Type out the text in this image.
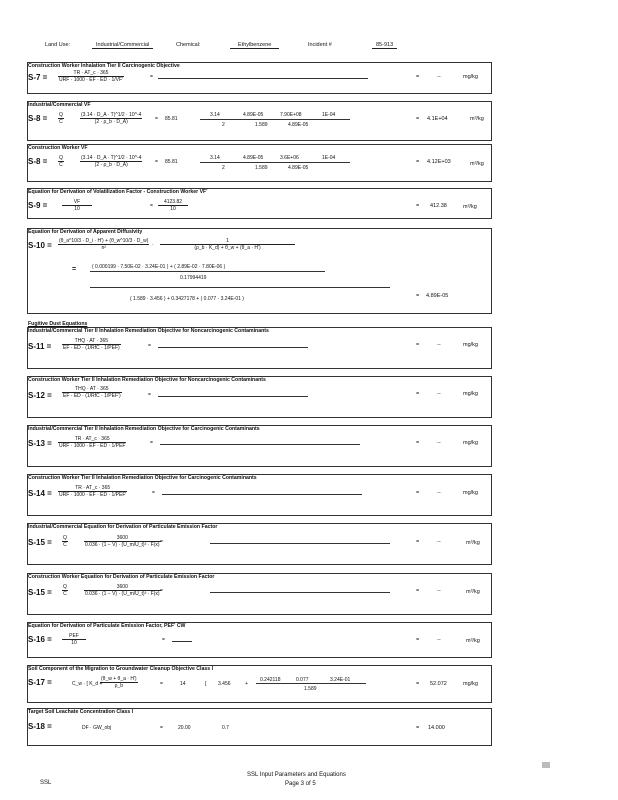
Land Use:	Industrial/Commercial	Chemical:	Ethylbenzene	Incident #	85-913
Construction Worker Inhalation Tier II Carcinogenic Objective
S-7 =	TR · AT_c · 365
URF · 1000 · EF · ED · 1/VF'	=	=	--	mg/kg
Industrial/Commercial VF
$S-8 = \frac{Q}{C}$	$\frac{(3.14 \cdot D\_A \cdot T)\^{}1/2 \cdot 10\^{}-4}{(2 \cdot \rho\_b \cdot D\_A)}$	= 85.81
3.14	4.89E-05	7.90E+08	1E-04
2	1.589	4.89E-05
= 4.1E+04	m³/kg
Construction Worker VF
$S-8 = \frac{Q}{C}$	$\frac{(3.14 \cdot D\_A \cdot T)\^{}1/2 \cdot 10\^{}-4}{(2 \cdot \rho\_b \cdot D\_A)}$	= 85.81
3.14	4.89E-05	3.6E+06	1E-04
2	1.589	4.89E-05
= 4.12E+03	m³/kg
Equation for Derivation of Volatilization Factor - Construction Worker VF'
S-9 =	$\frac{VF}{10}$	= $\frac{4123.82}{10}$	= 412.38	m³/kg
Equation for Derivation of Apparent Diffusivity
$S-10 = \frac{(\theta\_a\^{}10/3 \cdot D\_i \cdot H') + (\theta\_w\^{}10/3 \cdot D\_w)}{\text{n²}} \cdot \frac{1}{(\rho\_b \cdot K\_d) + \theta\_w + (\theta\_a \cdot H')}$
=	( 0.000199 · 7.50E-02 · 3.24E-01 ) + ( 2.89E-02 · 7.80E-06 )
0.17994419
( 1.589 · 3.456 ) + 0.3427178 + ( 0.077 · 3.24E-01 )	= 4.89E-05
Fugitive Dust Equations
Industrial/Commercial Tier II Inhalation Remediation Objective for Noncarcinogenic Contaminants
S-11 =
THQ · AT · 365
EF · ED · (1/RfC · 1/PEF)	=	=	--	mg/kg
Construction Worker Tier II Inhalation Remediation Objective for Noncarcinogenic Contaminants
S-12 =
THQ · AT · 365
EF · ED · (1/RfC · 1/PEF')	=	=	--	mg/kg
Industrial/Commercial Tier II Inhalation Remediation Objective for Carcinogenic Contaminants
S-13 =	TR · AT_c · 365
URF · 1000 · EF · ED · 1/PEF	=	=	--	mg/kg
Construction Worker Tier II Inhalation Remediation Objective for Carcinogenic Contaminants
S-14 =
TR · AT_c · 365
URF · 1000 · EF · ED · 1/PEF'	=	=	--	mg/kg
Industrial/Commercial Equation for Derivation of Particulate Emission Factor
$S-15 = \frac{Q}{C}$	$\frac{3600}{\text{0.036 · (1 − V) · (U\_m/U\_t)³ · F(x)}}$ =	=	--	m³/kg
Construction Worker Equation for Derivation of Particulate Emission Factor
$S-15 = \frac{Q}{C}$	$\frac{3600}{\text{0.036 · (1 − V) · (U\_m/U\_t)³ · F(x)}}$ =	=	--	m³/kg
Equation for Derivation of Particulate Emission Factor, PEF' CW
S-16 =	PEF
10	=	=	--	m³/kg
Soil Component of the Migration to Groundwater Cleanup Objective Class I
S-17 =	C_w · [ K_d +
$\frac{(\theta\_w + \theta\_a \cdot H')}{\rho\_b}$	=	14	[ 3.456	+
0.242118	0.077	3.24E-01
1.589
= 52.072	mg/kg
Target Soil Leachate Concentration Class I
S-18 =	DF · GW_obj	=	20.00	0.7	= 14.000
SSL
SSL Input Parameters and Equations
Page 3 of 5
